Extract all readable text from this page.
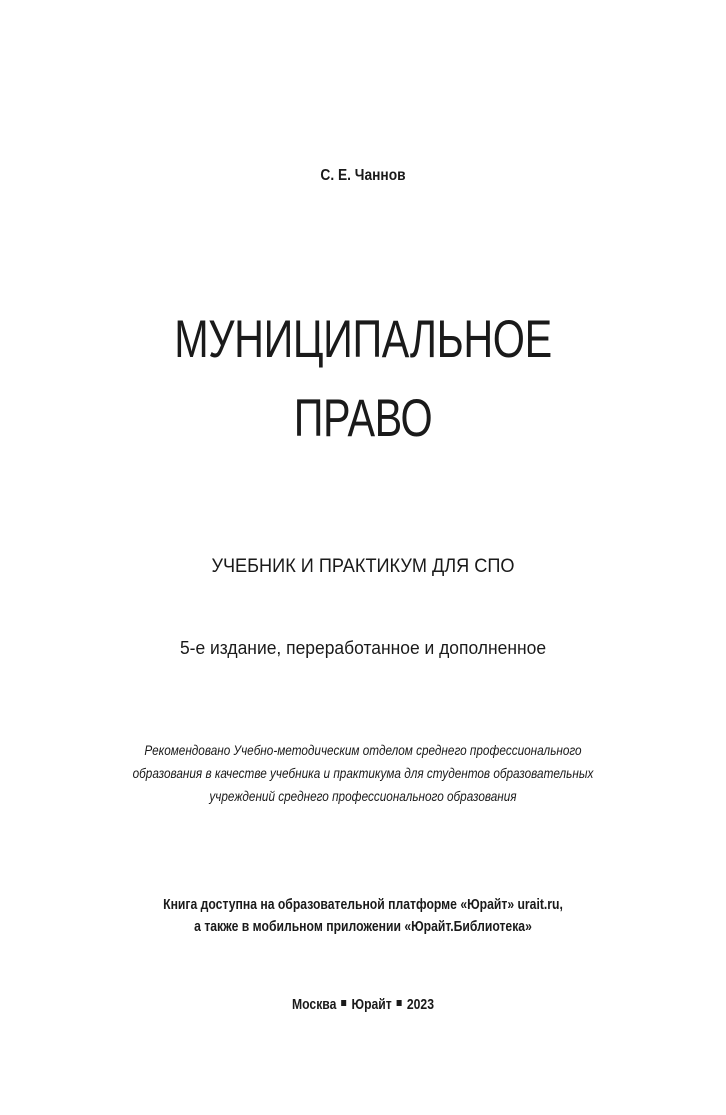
С. Е. Чаннов
МУНИЦИПАЛЬНОЕ
ПРАВО
УЧЕБНИК И ПРАКТИКУМ ДЛЯ СПО
5-е издание, переработанное и дополненное
Рекомендовано Учебно-методическим отделом среднего профессионального
образования в качестве учебника и практикума для студентов образовательных
учреждений среднего профессионального образования
Книга доступна на образовательной платформе «Юрайт» urait.ru,
а также в мобильном приложении «Юрайт.Библиотека»
Москва Юрайт 2023
